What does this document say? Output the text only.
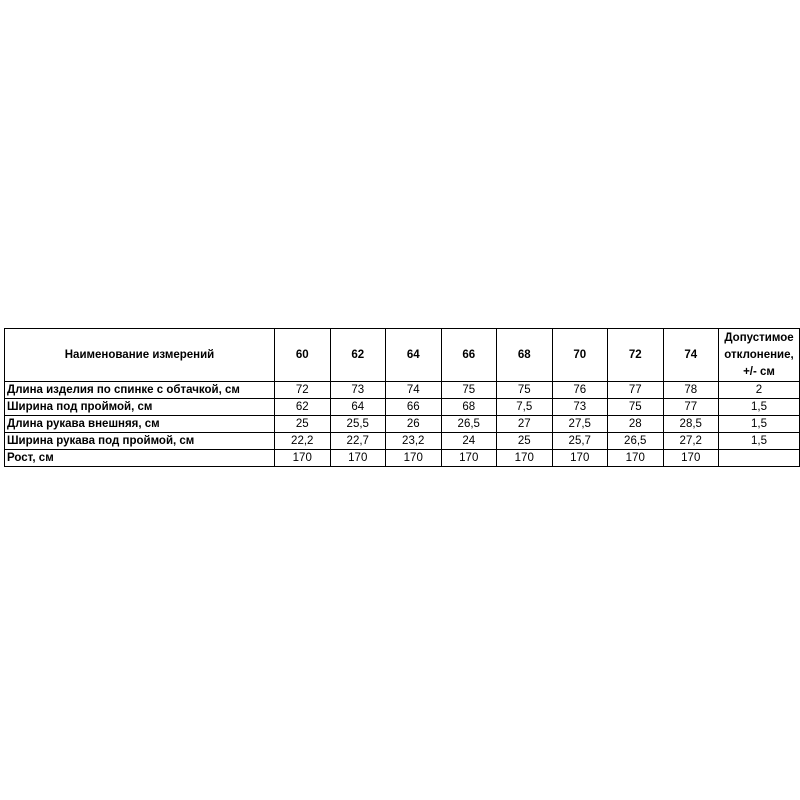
Наименование измерений	60	62	64	66	68	70	72	74	Допустимое отклонение, +/- см
Длина изделия по спинке с обтачкой, см	72	73	74	75	75	76	77	78	2
Ширина под проймой, см	62	64	66	68	7,5	73	75	77	1,5
Длина рукава внешняя, см	25	25,5	26	26,5	27	27,5	28	28,5	1,5
Ширина рукава под проймой, см	22,2	22,7	23,2	24	25	25,7	26,5	27,2	1,5
Рост, см	170	170	170	170	170	170	170	170	
